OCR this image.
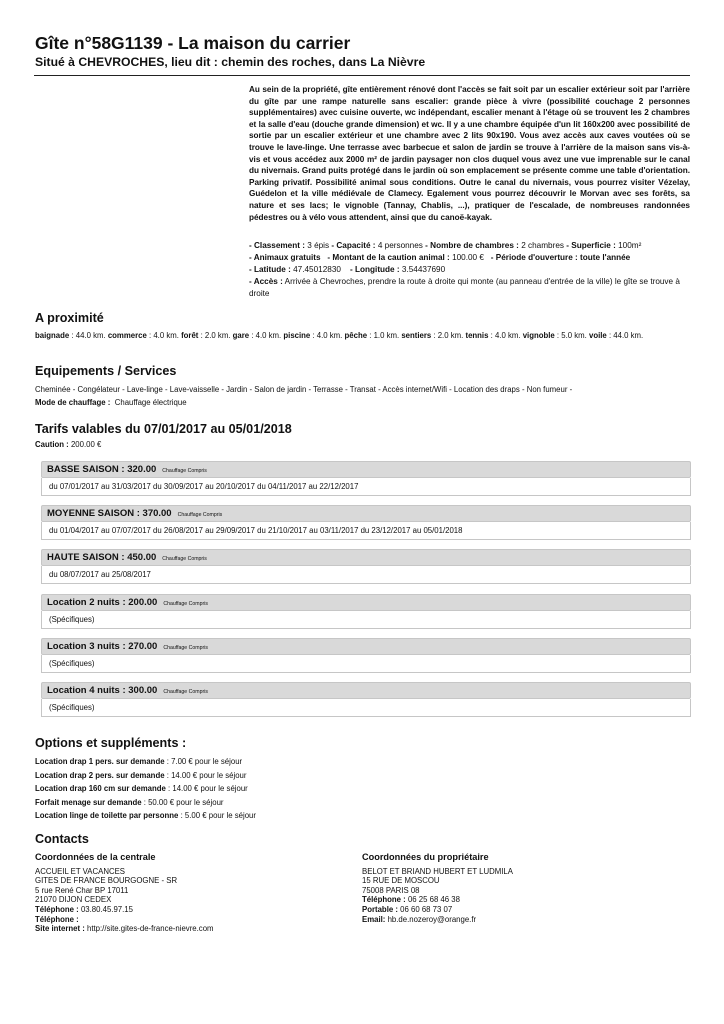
Gîte n°58G1139 - La maison du carrier
Situé à CHEVROCHES, lieu dit : chemin des roches, dans La Nièvre
Au sein de la propriété, gîte entièrement rénové dont l'accès se fait soit par un escalier extérieur soit par l'arrière du gîte par une rampe naturelle sans escalier: grande pièce à vivre (possibilité couchage 2 personnes supplémentaires) avec cuisine ouverte, wc indépendant, escalier menant à l'étage où se trouvent les 2 chambres et la salle d'eau (douche grande dimension) et wc. Il y a une chambre équipée d'un lit 160x200 avec possibilité de sortie par un escalier extérieur et une chambre avec 2 lits 90x190. Vous avez accès aux caves voutées où se trouve le lave-linge. Une terrasse avec barbecue et salon de jardin se trouve à l'arrière de la maison sans vis-à-vis et vous accédez aux 2000 m² de jardin paysager non clos duquel vous avez une vue imprenable sur le canal du nivernais. Grand puits protégé dans le jardin où son emplacement se présente comme une table d'orientation. Parking privatif. Possibilité animal sous conditions. Outre le canal du nivernais, vous pourrez visiter Vézelay, Guédelon et la ville médiévale de Clamecy. Egalement vous pourrez découvrir le Morvan avec ses forêts, sa nature et ses lacs; le vignoble (Tannay, Chablis, ...), pratiquer de l'escalade, de nombreuses randonnées pédestres ou à vélo vous attendent, ainsi que du canoë-kayak.
- Classement : 3 épis - Capacité : 4 personnes - Nombre de chambres : 2 chambres - Superficie : 100m²
- Animaux gratuits - Montant de la caution animal : 100.00 € - Période d'ouverture : toute l'année
- Latitude : 47.45012830 - Longitude : 3.54437690
- Accès : Arrivée à Chevroches, prendre la route à droite qui monte (au panneau d'entrée de la ville) le gîte se trouve à droite
A proximité
baignade : 44.0 km. commerce : 4.0 km. forêt : 2.0 km. gare : 4.0 km. piscine : 4.0 km. pêche : 1.0 km. sentiers : 2.0 km. tennis : 4.0 km. vignoble : 5.0 km. voile : 44.0 km.
Equipements / Services
Cheminée - Congélateur - Lave-linge - Lave-vaisselle - Jardin - Salon de jardin - Terrasse - Transat - Accès internet/Wifi - Location des draps - Non fumeur -
Mode de chauffage : Chauffage électrique
Tarifs valables du 07/01/2017 au 05/01/2018
Caution : 200.00 €
BASSE SAISON : 320.00 Chauffage Compris
du 07/01/2017 au 31/03/2017 du 30/09/2017 au 20/10/2017 du 04/11/2017 au 22/12/2017
MOYENNE SAISON : 370.00 Chauffage Compris
du 01/04/2017 au 07/07/2017 du 26/08/2017 au 29/09/2017 du 21/10/2017 au 03/11/2017 du 23/12/2017 au 05/01/2018
HAUTE SAISON : 450.00 Chauffage Compris
du 08/07/2017 au 25/08/2017
Location 2 nuits : 200.00 Chauffage Compris
(Spécifiques)
Location 3 nuits : 270.00 Chauffage Compris
(Spécifiques)
Location 4 nuits : 300.00 Chauffage Compris
(Spécifiques)
Options et suppléments :
Location drap 1 pers. sur demande : 7.00 € pour le séjour
Location drap 2 pers. sur demande : 14.00 € pour le séjour
Location drap 160 cm sur demande : 14.00 € pour le séjour
Forfait menage sur demande : 50.00 € pour le séjour
Location linge de toilette par personne : 5.00 € pour le séjour
Contacts
Coordonnées de la centrale
ACCUEIL ET VACANCES
GITES DE FRANCE BOURGOGNE - SR
5 rue René Char BP 17011
21070 DIJON CEDEX
Téléphone : 03.80.45.97.15
Téléphone :
Site internet : http://site.gites-de-france-nievre.com
Coordonnées du propriétaire
BELOT ET BRIAND HUBERT ET LUDMILA
15 RUE DE MOSCOU
75008 PARIS 08
Téléphone : 06 25 68 46 38
Portable : 06 60 68 73 07
Email: hb.de.nozeroy@orange.fr
